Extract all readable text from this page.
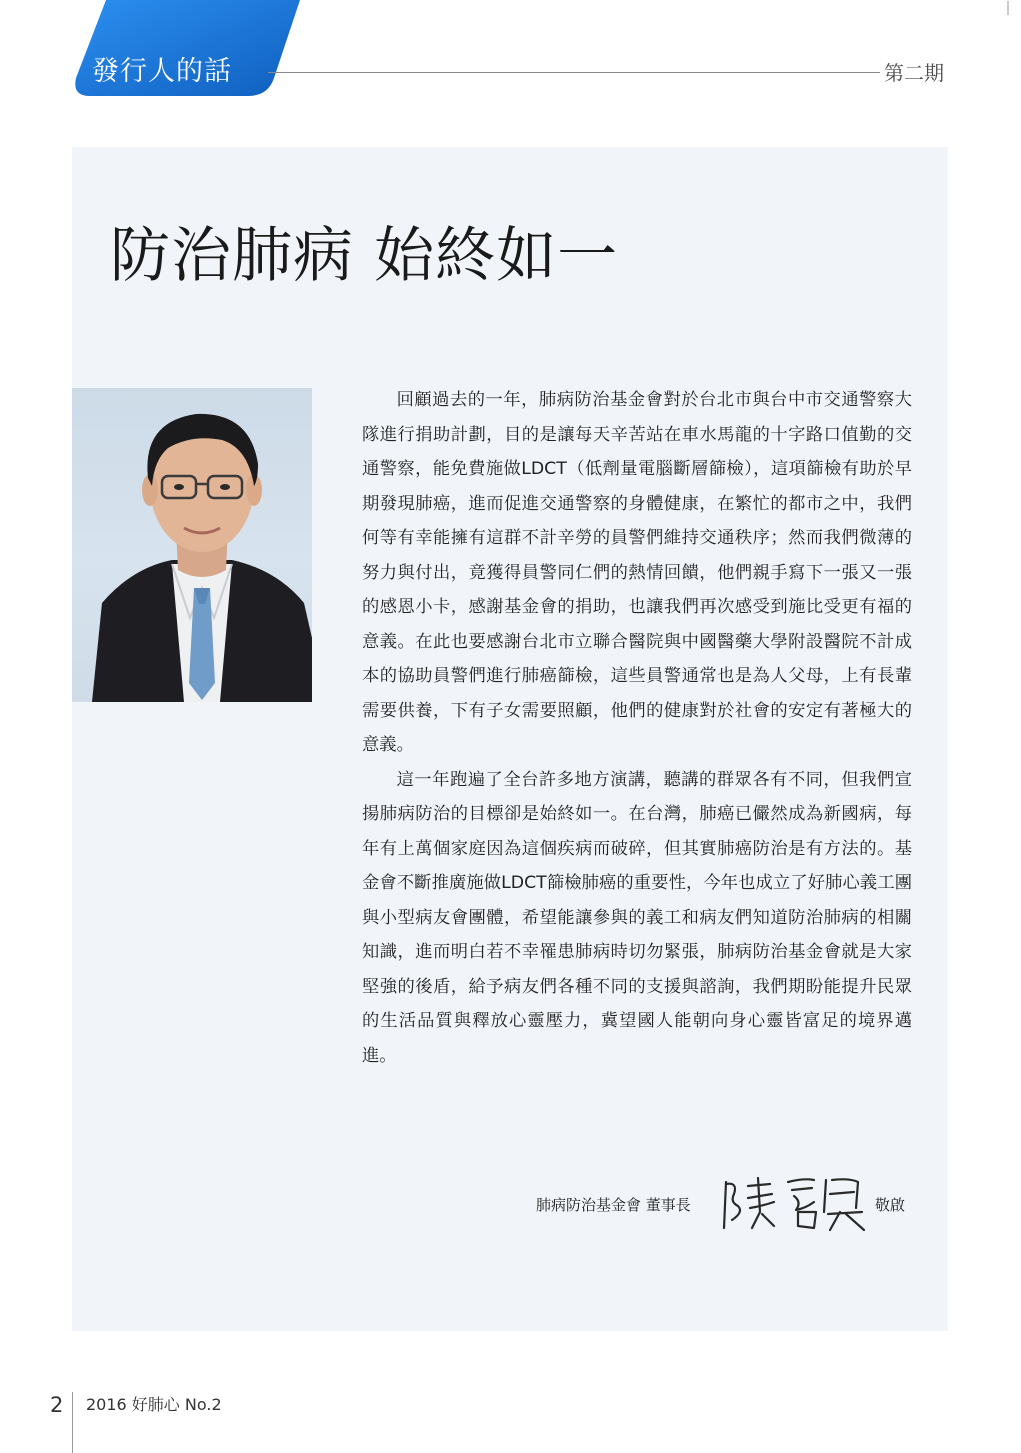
發行人的話	第二期
防治肺病 始終如一

回顧過去的一年，肺病防治基金會對於台北市與台中市交通警察大隊進行捐助計劃，目的是讓每天辛苦站在車水馬龍的十字路口值勤的交通警察，能免費施做LDCT（低劑量電腦斷層篩檢），這項篩檢有助於早期發現肺癌，進而促進交通警察的身體健康，在繁忙的都市之中，我們何等有幸能擁有這群不計辛勞的員警們維持交通秩序；然而我們微薄的努力與付出，竟獲得員警同仁們的熱情回饋，他們親手寫下一張又一張的感恩小卡，感謝基金會的捐助，也讓我們再次感受到施比受更有福的意義。在此也要感謝台北市立聯合醫院與中國醫藥大學附設醫院不計成本的協助員警們進行肺癌篩檢，這些員警通常也是為人父母，上有長輩需要供養，下有子女需要照顧，他們的健康對於社會的安定有著極大的意義。

這一年跑遍了全台許多地方演講，聽講的群眾各有不同，但我們宣揚肺病防治的目標卻是始終如一。在台灣，肺癌已儼然成為新國病，每年有上萬個家庭因為這個疾病而破碎，但其實肺癌防治是有方法的。基金會不斷推廣施做LDCT篩檢肺癌的重要性，今年也成立了好肺心義工團與小型病友會團體，希望能讓參與的義工和病友們知道防治肺病的相關知識，進而明白若不幸罹患肺病時切勿緊張，肺病防治基金會就是大家堅強的後盾，給予病友們各種不同的支援與諮詢，我們期盼能提升民眾的生活品質與釋放心靈壓力，冀望國人能朝向身心靈皆富足的境界邁進。

肺病防治基金會 董事長	敬啟
2 2016 好肺心 No.2
